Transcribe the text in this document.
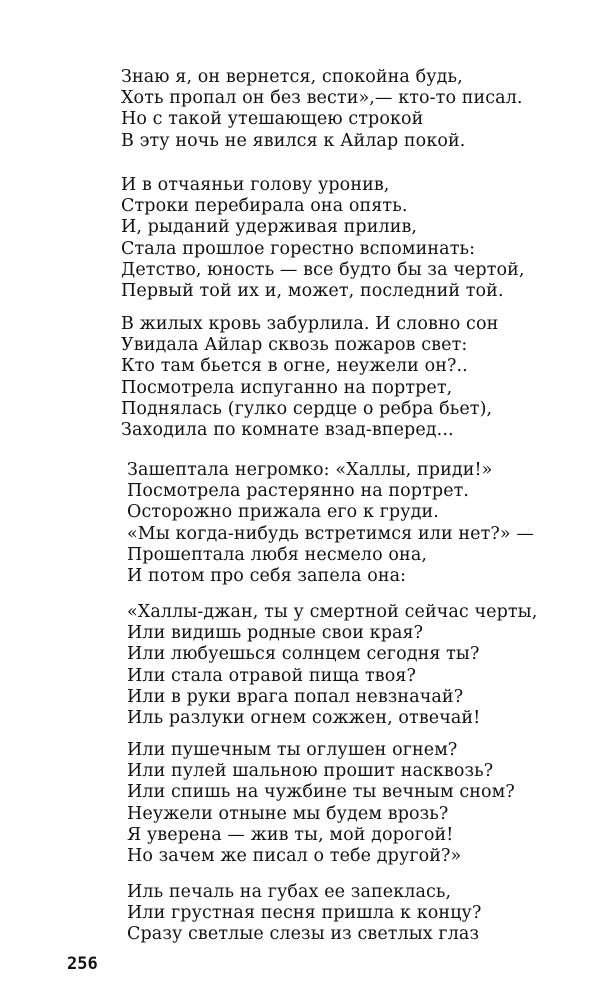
Знаю я, он вернется, спокойна будь,
Хоть пропал он без вести»,— кто-то писал.
Но с такой утешающею строкой
В эту ночь не явился к Айлар покой.
И в отчаяньи голову уронив,
Строки перебирала она опять.
И, рыданий удерживая прилив,
Стала прошлое горестно вспоминать:
Детство, юность — все будто бы за чертой,
Первый той их и, может, последний той.
В жилых кровь забурлила. И словно сон
Увидала Айлар сквозь пожаров свет:
Кто там бьется в огне, неужели он?..
Посмотрела испуганно на портрет,
Поднялась (гулко сердце о ребра бьет),
Заходила по комнате взад-вперед...
Зашептала негромко: «Халлы, приди!»
Посмотрела растерянно на портрет.
Осторожно прижала его к груди.
«Мы когда-нибудь встретимся или нет?» —
Прошептала любя несмело она,
И потом про себя запела она:
«Халлы-джан, ты у смертной сейчас черты,
Или видишь родные свои края?
Или любуешься солнцем сегодня ты?
Или стала отравой пища твоя?
Или в руки врага попал невзначай?
Иль разлуки огнем сожжен, отвечай!
Или пушечным ты оглушен огнем?
Или пулей шальною прошит насквозь?
Или спишь на чужбине ты вечным сном?
Неужели отныне мы будем врозь?
Я уверена — жив ты, мой дорогой!
Но зачем же писал о тебе другой?»
Иль печаль на губах ее запеклась,
Или грустная песня пришла к концу?
Сразу светлые слезы из светлых глаз
256
